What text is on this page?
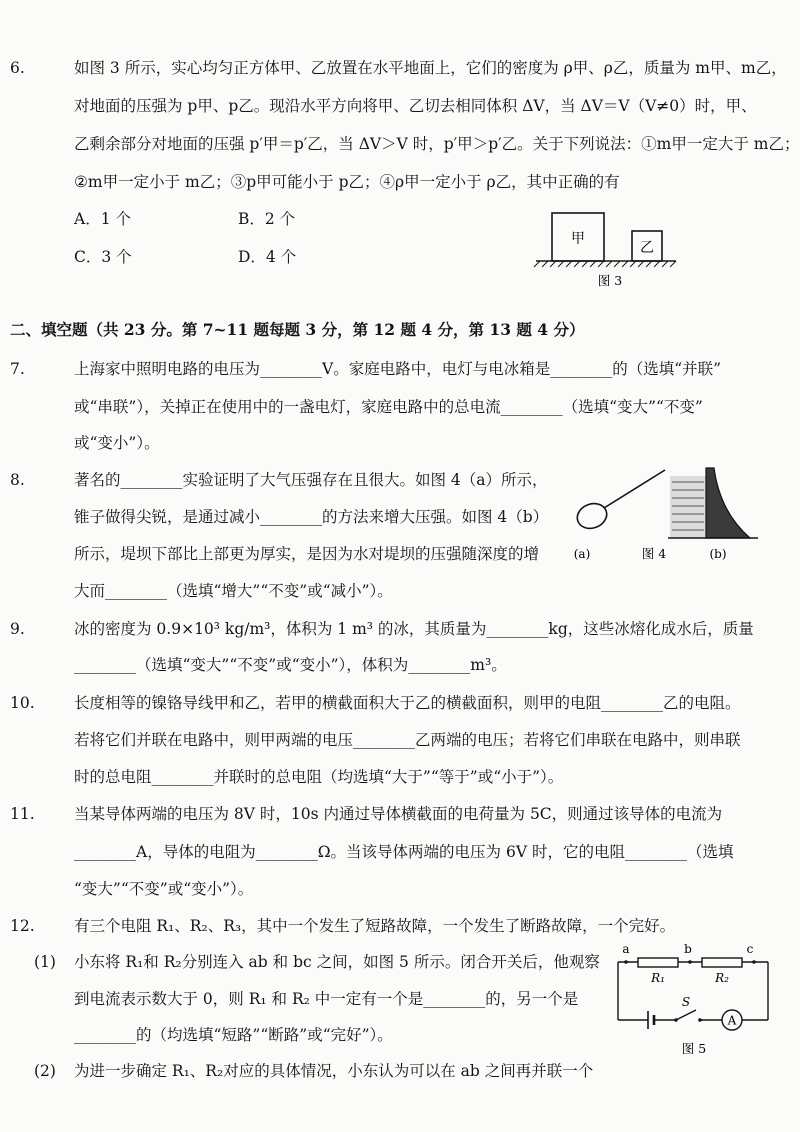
6.	如图 3 所示，实心均匀正方体甲、乙放置在水平地面上，它们的密度为 ρ甲、ρ乙，质量为 m甲、m乙，
对地面的压强为 p甲、p乙。现沿水平方向将甲、乙切去相同体积 ΔV，当 ΔV＝V（V≠0）时，甲、
乙剩余部分对地面的压强 p′甲＝p′乙，当 ΔV＞V 时，p′甲＞p′乙。关于下列说法：①m甲一定大于 m乙；
②m甲一定小于 m乙；③p甲可能小于 p乙；④ρ甲一定小于 ρ乙，其中正确的有
A．1 个	B．2 个
C．3 个	D．4 个
甲
乙
图 3
二、填空题（共 23 分。第 7~11 题每题 3 分，第 12 题 4 分，第 13 题 4 分）
7.	上海家中照明电路的电压为________V。家庭电路中，电灯与电冰箱是________的（选填“并联”
或“串联”），关掉正在使用中的一盏电灯，家庭电路中的总电流________（选填“变大”“不变”
或“变小”）。
8.	著名的________实验证明了大气压强存在且很大。如图 4（a）所示，
锥子做得尖锐，是通过减小________的方法来增大压强。如图 4（b）
所示，堤坝下部比上部更为厚实，是因为水对堤坝的压强随深度的增
大而________（选填“增大”“不变”或“减小”）。
(a)	图 4	(b)
9.	冰的密度为 0.9×10³ kg/m³，体积为 1 m³ 的冰，其质量为________kg，这些冰熔化成水后，质量
________（选填“变大”“不变”或“变小”），体积为________m³。
10.	长度相等的镍铬导线甲和乙，若甲的横截面积大于乙的横截面积，则甲的电阻________乙的电阻。
若将它们并联在电路中，则甲两端的电压________乙两端的电压；若将它们串联在电路中，则串联
时的总电阻________并联时的总电阻（均选填“大于”“等于”或“小于”）。
11.	当某导体两端的电压为 8V 时，10s 内通过导体横截面的电荷量为 5C，则通过该导体的电流为
________A，导体的电阻为________Ω。当该导体两端的电压为 6V 时，它的电阻________（选填
“变大”“不变”或“变小”）。
12.	有三个电阻 R₁、R₂、R₃，其中一个发生了短路故障，一个发生了断路故障，一个完好。
(1) 小东将 R₁和 R₂分别连入 ab 和 bc 之间，如图 5 所示。闭合开关后，他观察
到电流表示数大于 0，则 R₁ 和 R₂ 中一定有一个是________的，另一个是
________的（均选填“短路”“断路”或“完好”）。
(2) 为进一步确定 R₁、R₂对应的具体情况，小东认为可以在 ab 之间再并联一个
a	b	c
R₁	R₂
S
A
图 5
